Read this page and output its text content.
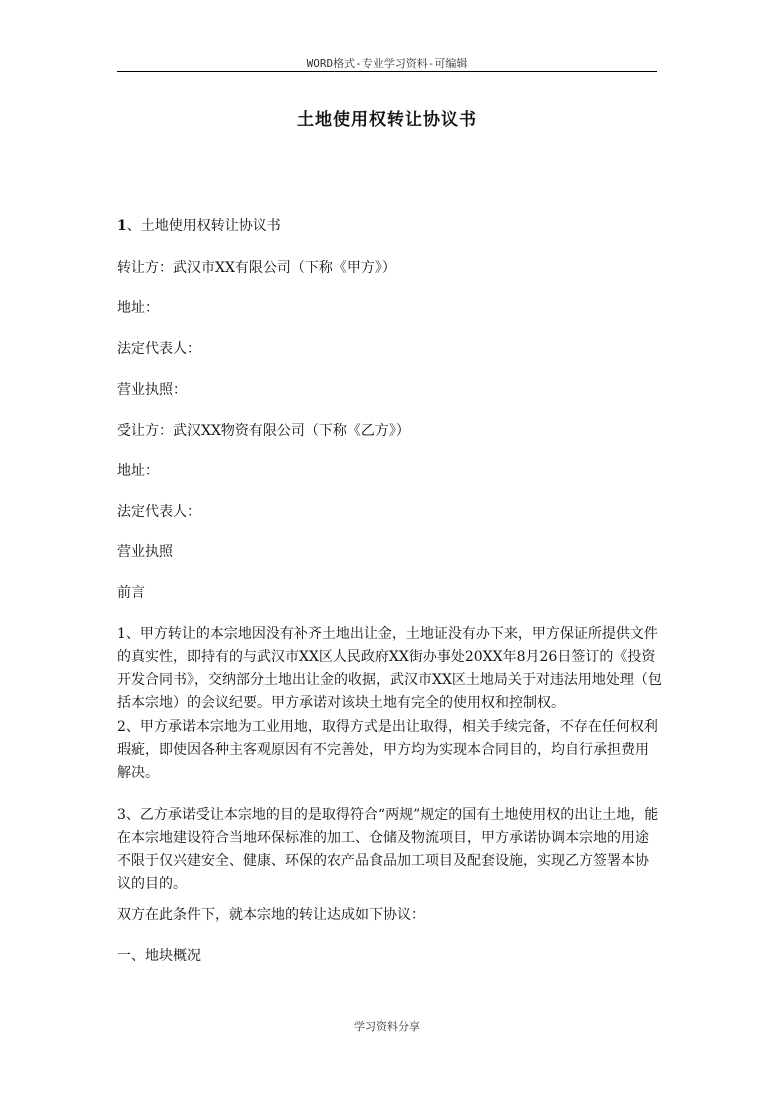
WORD格式-专业学习资料-可编辑
土地使用权转让协议书

1、土地使用权转让协议书

转让方：武汉市XX有限公司（下称《甲方》）

地址：

法定代表人：

营业执照：

受让方：武汉XX物资有限公司（下称《乙方》）

地址：

法定代表人：

营业执照

前言

1、甲方转让的本宗地因没有补齐土地出让金，土地证没有办下来，甲方保证所提供文件的真实性，即持有的与武汉市XX区人民政府XX街办事处20XX年8月26日签订的《投资开发合同书》，交纳部分土地出让金的收据，武汉市XX区土地局关于对违法用地处理（包括本宗地）的会议纪要。甲方承诺对该块土地有完全的使用权和控制权。

2、甲方承诺本宗地为工业用地，取得方式是出让取得，相关手续完备，不存在任何权利瑕疵，即使因各种主客观原因有不完善处，甲方均为实现本合同目的，均自行承担费用解决。

3、乙方承诺受让本宗地的目的是取得符合“两规”规定的国有土地使用权的出让土地，能在本宗地建设符合当地环保标准的加工、仓储及物流项目，甲方承诺协调本宗地的用途不限于仅兴建安全、健康、环保的农产品食品加工项目及配套设施，实现乙方签署本协议的目的。

双方在此条件下，就本宗地的转让达成如下协议：

一、地块概况

学习资料分享
